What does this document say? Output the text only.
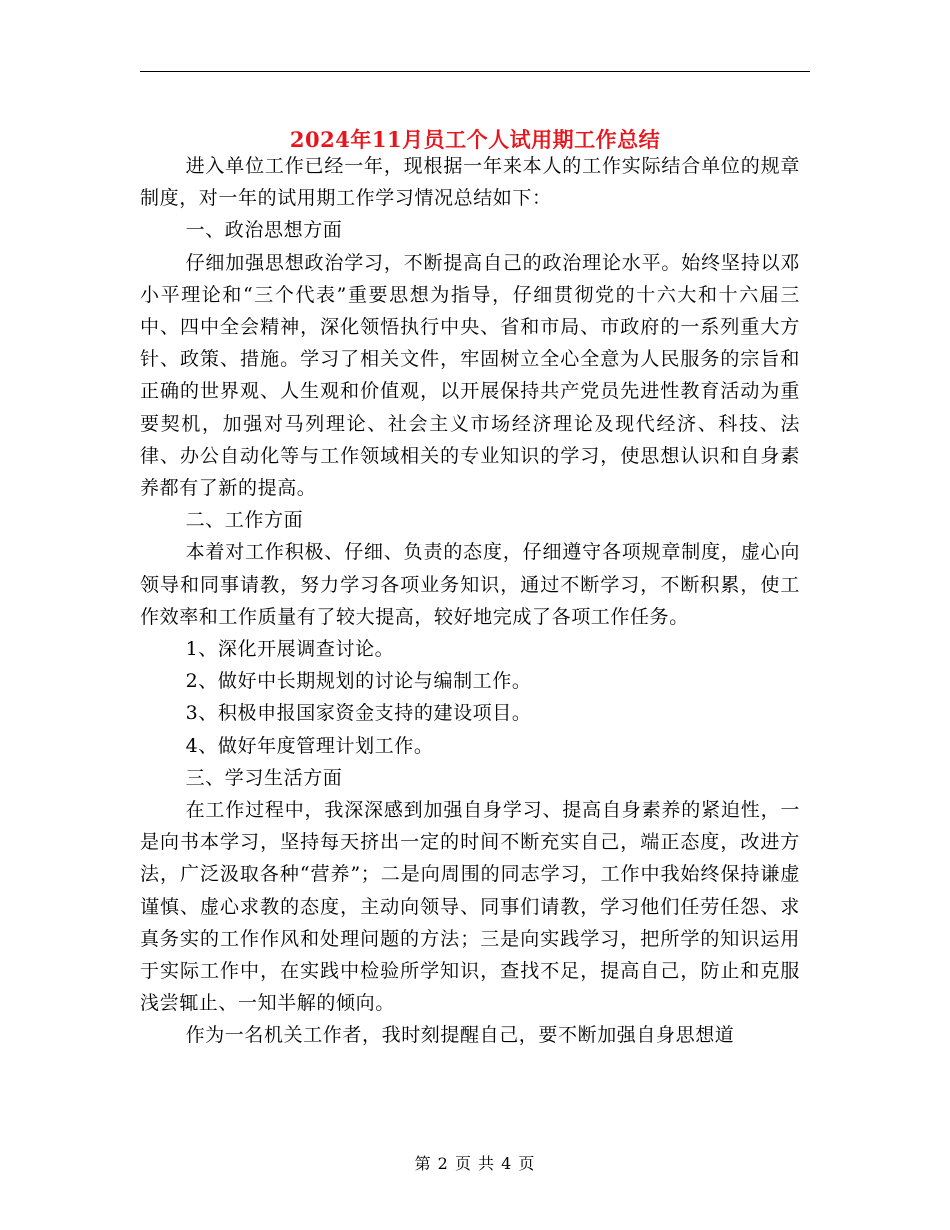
2024年11月员工个人试用期工作总结

进入单位工作已经一年，现根据一年来本人的工作实际结合单位的规章制度，对一年的试用期工作学习情况总结如下：

一、政治思想方面

仔细加强思想政治学习，不断提高自己的政治理论水平。始终坚持以邓小平理论和“三个代表”重要思想为指导，仔细贯彻党的十六大和十六届三中、四中全会精神，深化领悟执行中央、省和市局、市政府的一系列重大方针、政策、措施。学习了相关文件，牢固树立全心全意为人民服务的宗旨和正确的世界观、人生观和价值观，以开展保持共产党员先进性教育活动为重要契机，加强对马列理论、社会主义市场经济理论及现代经济、科技、法律、办公自动化等与工作领域相关的专业知识的学习，使思想认识和自身素养都有了新的提高。

二、工作方面

本着对工作积极、仔细、负责的态度，仔细遵守各项规章制度，虚心向领导和同事请教，努力学习各项业务知识，通过不断学习，不断积累，使工作效率和工作质量有了较大提高，较好地完成了各项工作任务。

1、深化开展调查讨论。

2、做好中长期规划的讨论与编制工作。

3、积极申报国家资金支持的建设项目。

4、做好年度管理计划工作。

三、学习生活方面

在工作过程中，我深深感到加强自身学习、提高自身素养的紧迫性，一是向书本学习，坚持每天挤出一定的时间不断充实自己，端正态度，改进方法，广泛汲取各种“营养”；二是向周围的同志学习，工作中我始终保持谦虚谨慎、虚心求教的态度，主动向领导、同事们请教，学习他们任劳任怨、求真务实的工作作风和处理问题的方法；三是向实践学习，把所学的知识运用于实际工作中，在实践中检验所学知识，查找不足，提高自己，防止和克服浅尝辄止、一知半解的倾向。

作为一名机关工作者，我时刻提醒自己，要不断加强自身思想道

第 2 页 共 4 页
